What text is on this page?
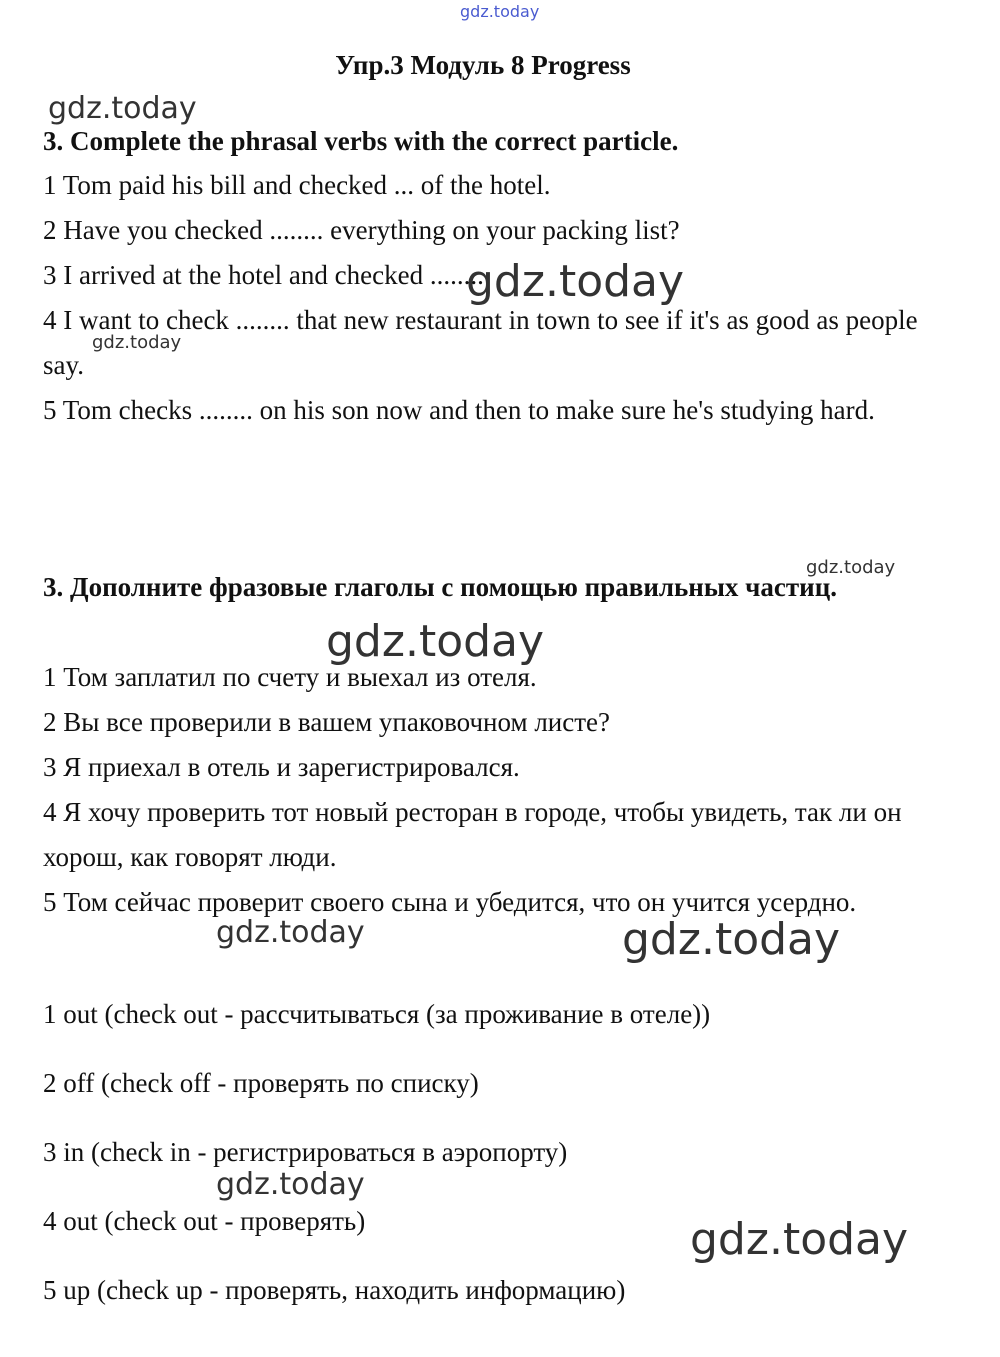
gdz.today
gdz.today
gdz.today
gdz.today
gdz.today
gdz.today
gdz.today	gdz.today
gdz.today
gdz.today
Упр.3 Модуль 8 Progress
3. Complete the phrasal verbs with the correct particle.
1 Tom paid his bill and checked ... of the hotel.
2 Have you checked ........ everything on your packing list?
3 I arrived at the hotel and checked ........
4 I want to check ........ that new restaurant in town to see if it's as good as people say.
5 Tom checks ........ on his son now and then to make sure he's studying hard.
3. Дополните фразовые глаголы с помощью правильных частиц.
1 Том заплатил по счету и выехал из отеля.
2 Вы все проверили в вашем упаковочном листе?
3 Я приехал в отель и зарегистрировался.
4 Я хочу проверить тот новый ресторан в городе, чтобы увидеть, так ли он хорош, как говорят люди.
5 Том сейчас проверит своего сына и убедится, что он учится усердно.
1 out (check out - рассчитываться (за проживание в отеле))
2 off (check off - проверять по списку)
3 in (check in - регистрироваться в аэропорту)
4 out (check out - проверять)
5 up (check up - проверять, находить информацию)
